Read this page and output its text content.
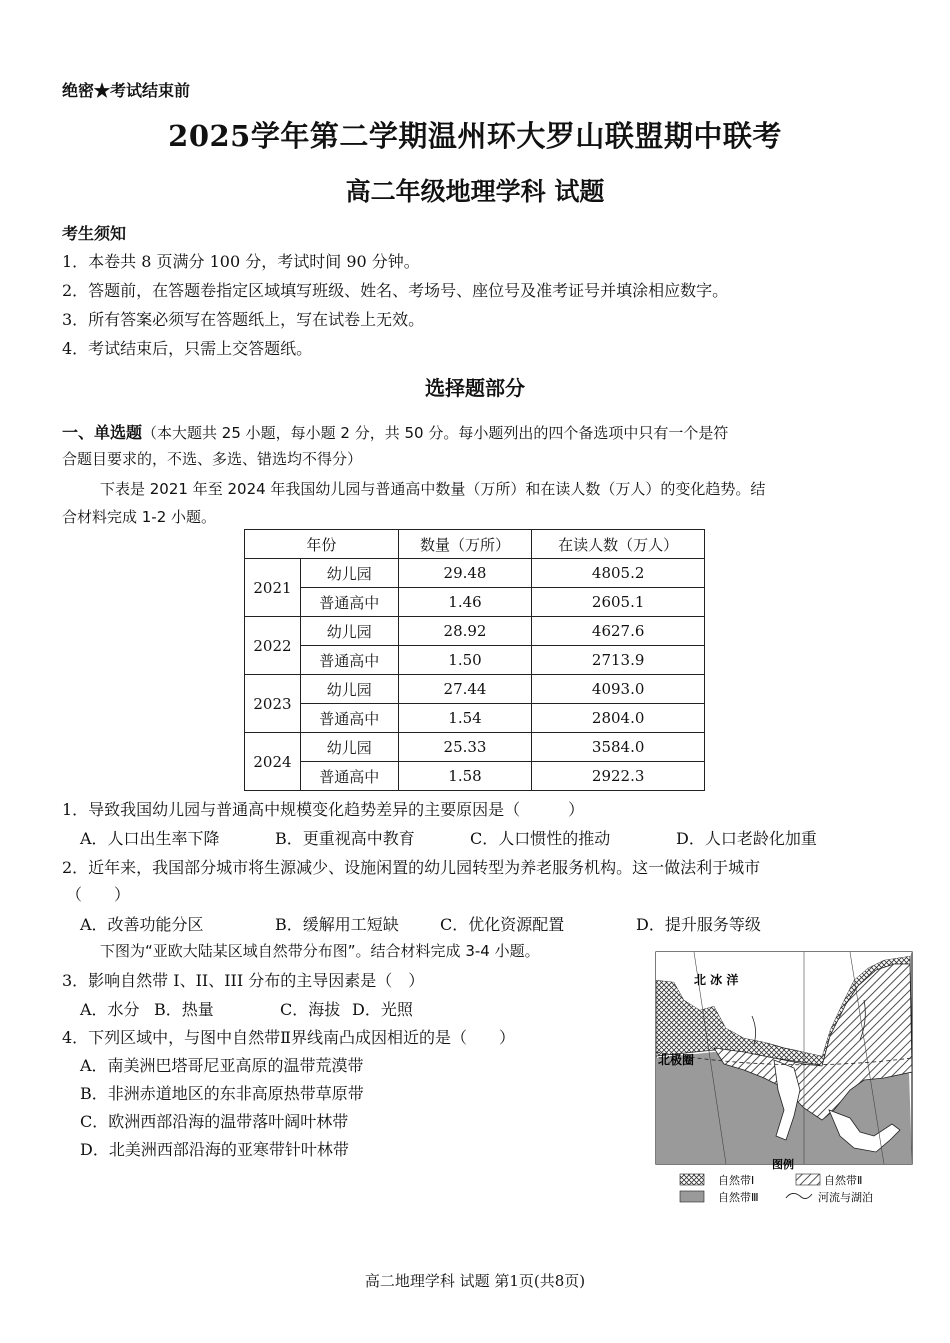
绝密★考试结束前
2025学年第二学期温州环大罗山联盟期中联考
高二年级地理学科 试题
考生须知
1．本卷共 8 页满分 100 分，考试时间 90 分钟。
2．答题前，在答题卷指定区域填写班级、姓名、考场号、座位号及准考证号并填涂相应数字。
3．所有答案必须写在答题纸上，写在试卷上无效。
4．考试结束后，只需上交答题纸。
选择题部分
一、单选题（本大题共 25 小题，每小题 2 分，共 50 分。每小题列出的四个备选项中只有一个是符
合题目要求的，不选、多选、错选均不得分）
下表是 2021 年至 2024 年我国幼儿园与普通高中数量（万所）和在读人数（万人）的变化趋势。结
合材料完成 1-2 小题。
年份		数量（万所）	在读人数（万人）
2021	幼儿园	29.48	4805.2
	普通高中	1.46	2605.1
2022	幼儿园	28.92	4627.6
	普通高中	1.50	2713.9
2023	幼儿园	27.44	4093.0
	普通高中	1.54	2804.0
2024	幼儿园	25.33	3584.0
	普通高中	1.58	2922.3
1．导致我国幼儿园与普通高中规模变化趋势差异的主要原因是（　　　）
A．人口出生率下降	B．更重视高中教育	C．人口惯性的推动	D．人口老龄化加重
2．近年来，我国部分城市将生源减少、设施闲置的幼儿园转型为养老服务机构。这一做法利于城市
（　　）
A．改善功能分区	B．缓解用工短缺	C．优化资源配置	D．提升服务等级
下图为“亚欧大陆某区域自然带分布图”。结合材料完成 3-4 小题。
3．影响自然带 I、II、III 分布的主导因素是（　）
A．水分 B．热量	C．海拔 D．光照
4．下列区域中，与图中自然带Ⅱ界线南凸成因相近的是（　　）
A．南美洲巴塔哥尼亚高原的温带荒漠带
B．非洲赤道地区的东非高原热带草原带
C．欧洲西部沿海的温带落叶阔叶林带
D．北美洲西部沿海的亚寒带针叶林带
北 冰 洋
北极圈
图例
自然带Ⅰ	自然带Ⅱ
自然带Ⅲ	河流与湖泊
高二地理学科 试题 第1页(共8页)
